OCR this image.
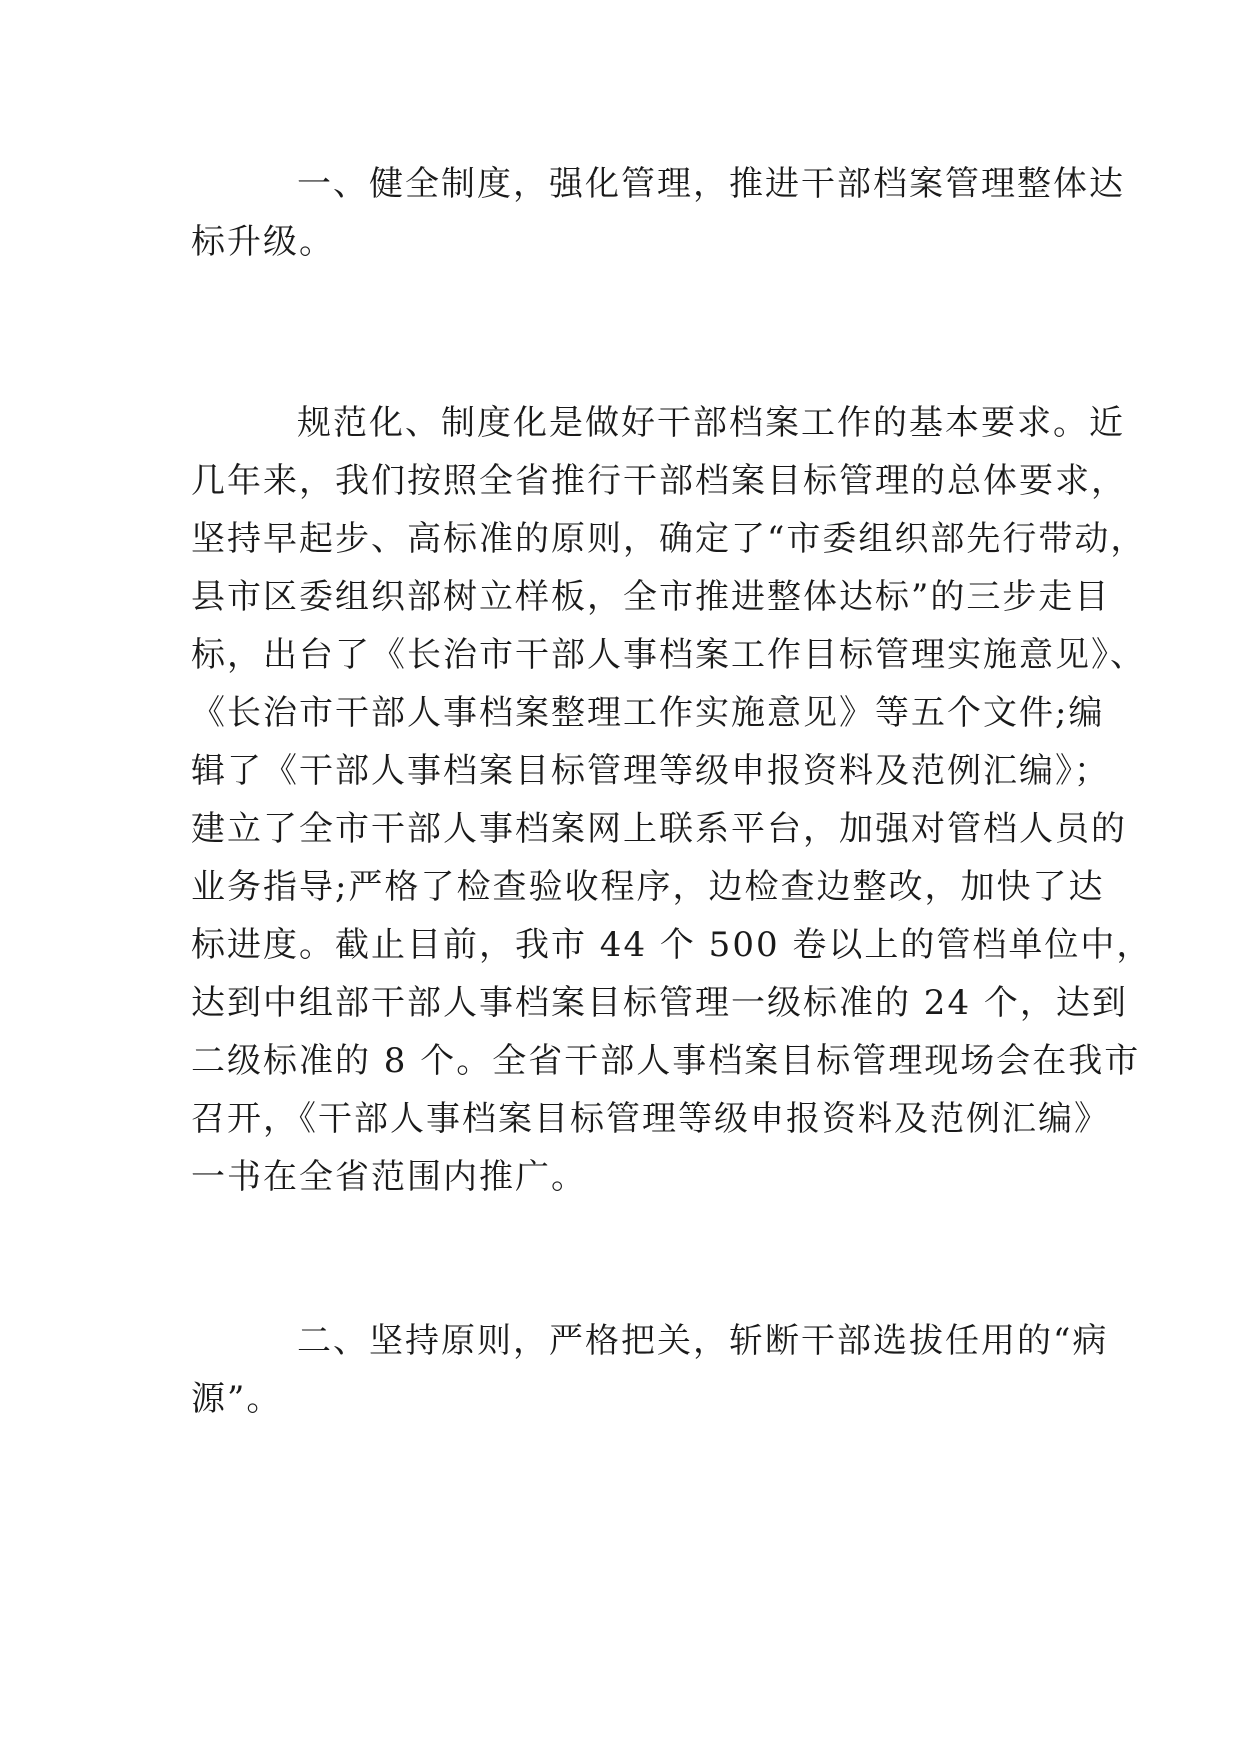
一、健全制度，强化管理，推进干部档案管理整体达
标升级。
规范化、制度化是做好干部档案工作的基本要求。近
几年来，我们按照全省推行干部档案目标管理的总体要求，
坚持早起步、高标准的原则，确定了“市委组织部先行带动，
县市区委组织部树立样板，全市推进整体达标”的三步走目
标，出台了《长治市干部人事档案工作目标管理实施意见》、
《长治市干部人事档案整理工作实施意见》等五个文件;编
辑了《干部人事档案目标管理等级申报资料及范例汇编》；
建立了全市干部人事档案网上联系平台，加强对管档人员的
业务指导;严格了检查验收程序，边检查边整改，加快了达
标进度。截止目前，我市 44 个 500 卷以上的管档单位中，
达到中组部干部人事档案目标管理一级标准的 24 个，达到
二级标准的 8 个。全省干部人事档案目标管理现场会在我市
召开，《干部人事档案目标管理等级申报资料及范例汇编》
一书在全省范围内推广。
二、坚持原则，严格把关，斩断干部选拔任用的“病
源”。
